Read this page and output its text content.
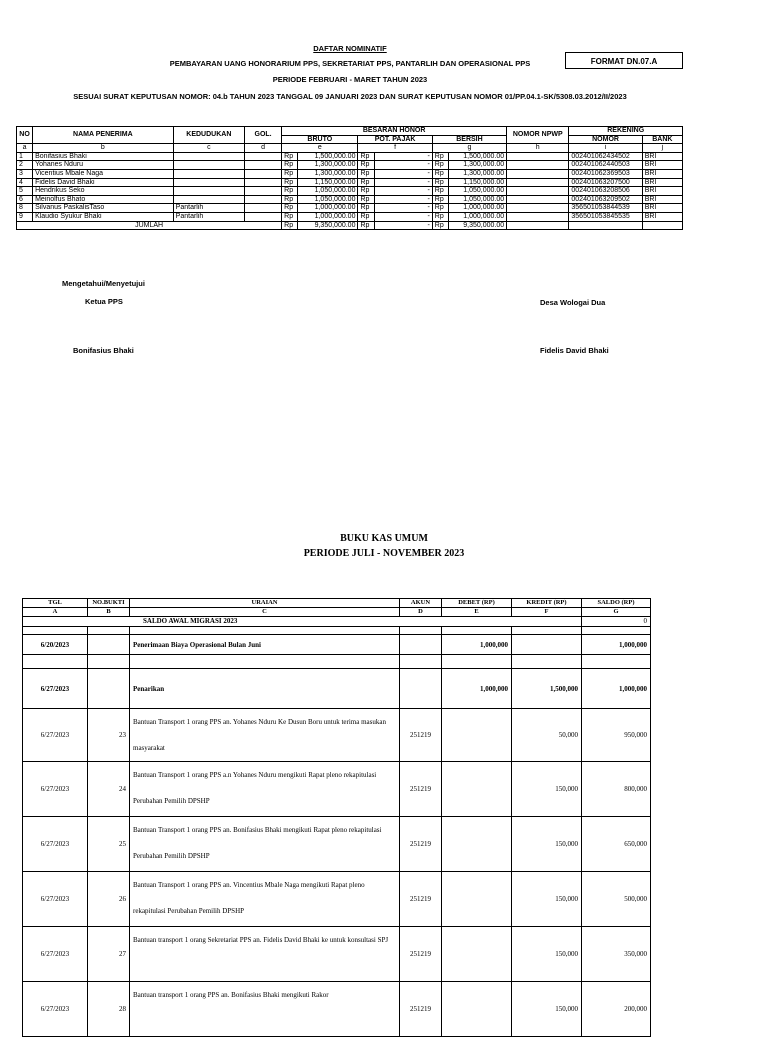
DAFTAR NOMINATIF
PEMBAYARAN UANG HONORARIUM PPS, SEKRETARIAT PPS, PANTARLIH DAN OPERASIONAL PPS
PERIODE FEBRUARI - MARET TAHUN 2023
SESUAI SURAT KEPUTUSAN NOMOR: 04.b TAHUN 2023 TANGGAL 09 JANUARI 2023 DAN SURAT KEPUTUSAN NOMOR 01/PP.04.1-SK/5308.03.2012/II/2023
FORMAT DN.07.A
NO	NAMA PENERIMA	KEDUDUKAN	GOL.	BESARAN HONOR						NOMOR NPWP	REKENING	
				BRUTO		POT. PAJAK		BERSIH			NOMOR	BANK
a	b	c	d	e		f		g		h	i	j
1	Bonifasius Bhaki			Rp	1,500,000.00	Rp	-	Rp	1,500,000.00		002401062434502	BRI
2	Yohanes Nduru			Rp	1,300,000.00	Rp	-	Rp	1,300,000.00		002401062440503	BRI
3	Vicentius Mbale Naga			Rp	1,300,000.00	Rp	-	Rp	1,300,000.00		002401062369503	BRI
4	Fidelis David Bhaki			Rp	1,150,000.00	Rp	-	Rp	1,150,000.00		002401063207500	BRI
5	Hendrikus Seko			Rp	1,050,000.00	Rp	-	Rp	1,050,000.00		002401063208506	BRI
6	Meinolfus Bhato			Rp	1,050,000.00	Rp	-	Rp	1,050,000.00		002401063209502	BRI
8	Silvanus PaskalisTaso	Pantarlih		Rp	1,000,000.00	Rp	-	Rp	1,000,000.00		356501053844539	BRI
9	Klaudio Syukur Bhaki	Pantarlih		Rp	1,000,000.00	Rp	-	Rp	1,000,000.00		356501053845535	BRI
JUMLAH				Rp	9,350,000.00	Rp	-	Rp	9,350,000.00			
Mengetahui/Menyetujui
Ketua PPS	Desa Wologai Dua
Bonifasius Bhaki	Fidelis David Bhaki
BUKU KAS UMUM
PERIODE JULI - NOVEMBER 2023
TGL	NO.BUKTI	URAIAN	AKUN	DEBET (RP)	KREDIT (RP)	SALDO (RP)
A	B	C	D	E	F	G
SALDO AWAL MIGRASI 2023						0

6/20/2023		Penerimaan Biaya Operasional Bulan Juni		1,000,000		1,000,000

6/27/2023		Penarikan		1,000,000	1,500,000	1,000,000
6/27/2023	23	Bantuan Transport 1 orang PPS an. Yohanes Nduru Ke Dusun Boru untuk terima masukan masyarakat	251219		50,000	950,000
6/27/2023	24	Bantuan Transport 1 orang PPS a.n Yohanes Nduru mengikuti Rapat pleno rekapitulasi Perubahan Pemilih DPSHP	251219		150,000	800,000
6/27/2023	25	Bantuan Transport 1 orang PPS an. Bonifasius Bhaki mengikuti Rapat pleno rekapitulasi Perubahan Pemilih DPSHP	251219		150,000	650,000
6/27/2023	26	Bantuan Transport 1 orang PPS an. Vincentius Mbale Naga mengikuti Rapat pleno rekapitulasi Perubahan Pemilih DPSHP	251219		150,000	500,000
6/27/2023	27	Bantuan transport 1 orang Sekretariat PPS an. Fidelis David Bhaki ke untuk konsultasi SPJ	251219		150,000	350,000
6/27/2023	28	Bantuan transport 1 orang PPS an. Bonifasius Bhaki mengikuti Rakor	251219		150,000	200,000
